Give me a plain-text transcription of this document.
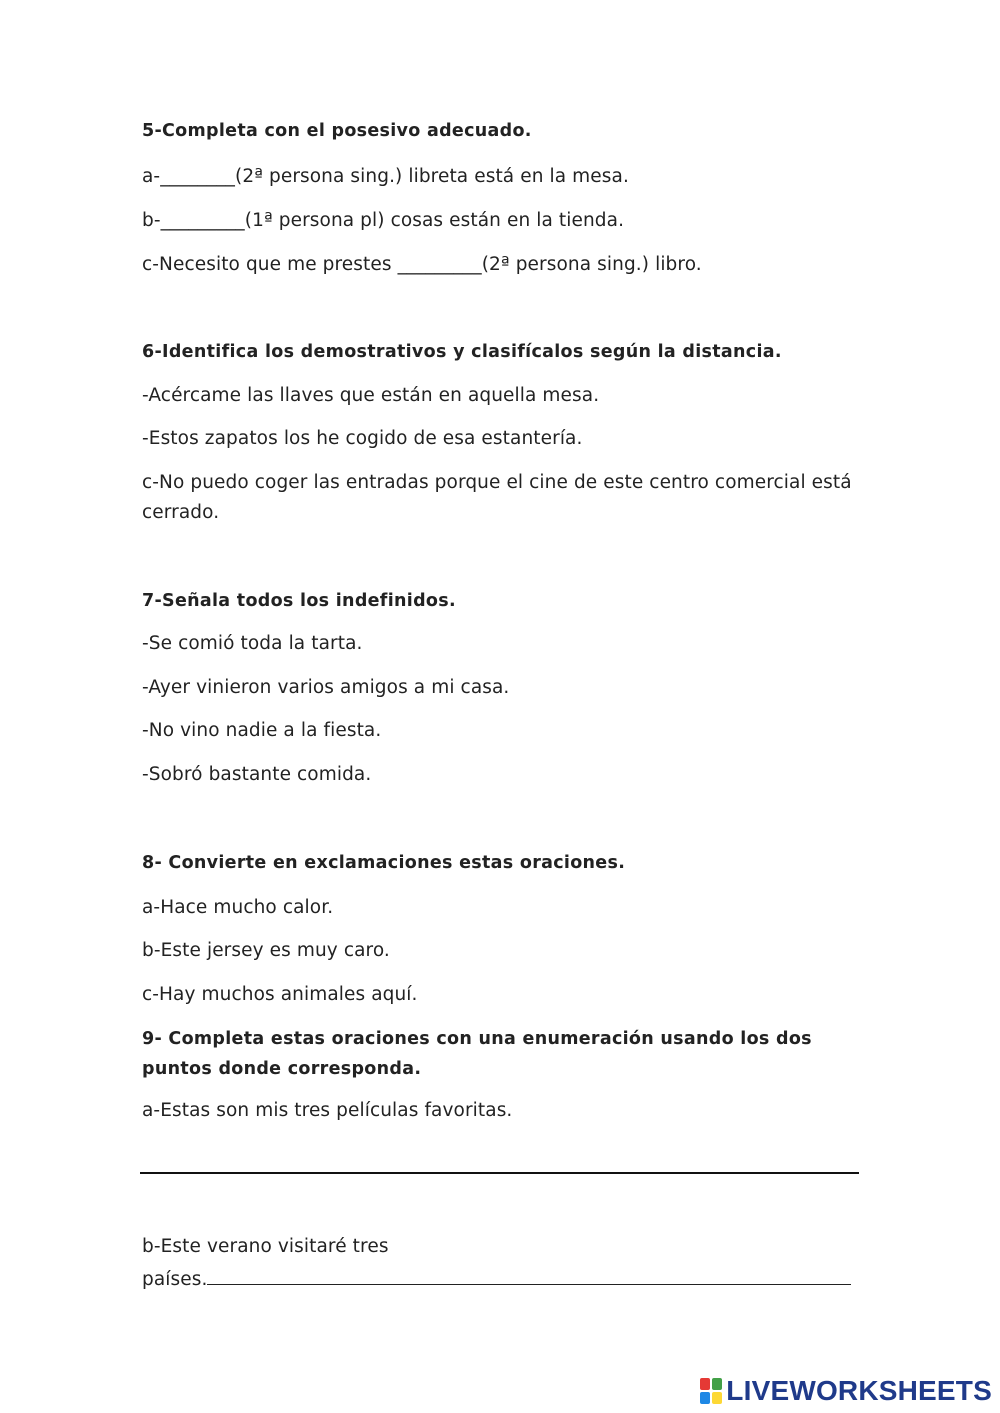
5-Completa con el posesivo adecuado.
a-________(2ª persona sing.) libreta está en la mesa.
b-_________(1ª persona pl) cosas están en la tienda.
c-Necesito que me prestes _________(2ª persona sing.) libro.
6-Identifica los demostrativos y clasifícalos según la distancia.
-Acércame las llaves que están en aquella mesa.
-Estos zapatos los he cogido de esa estantería.
c-No puedo coger las entradas porque el cine de este centro comercial está cerrado.
7-Señala todos los indefinidos.
-Se comió toda la tarta.
-Ayer vinieron varios amigos a mi casa.
-No vino nadie a la fiesta.
-Sobró bastante comida.
8- Convierte en exclamaciones estas oraciones.
a-Hace mucho calor.
b-Este jersey es muy caro.
c-Hay muchos animales aquí.
9- Completa estas oraciones con una enumeración usando los dos puntos donde corresponda.
a-Estas son mis tres películas favoritas.
b-Este verano visitaré tres
países.
LIVEWORKSHEETS
